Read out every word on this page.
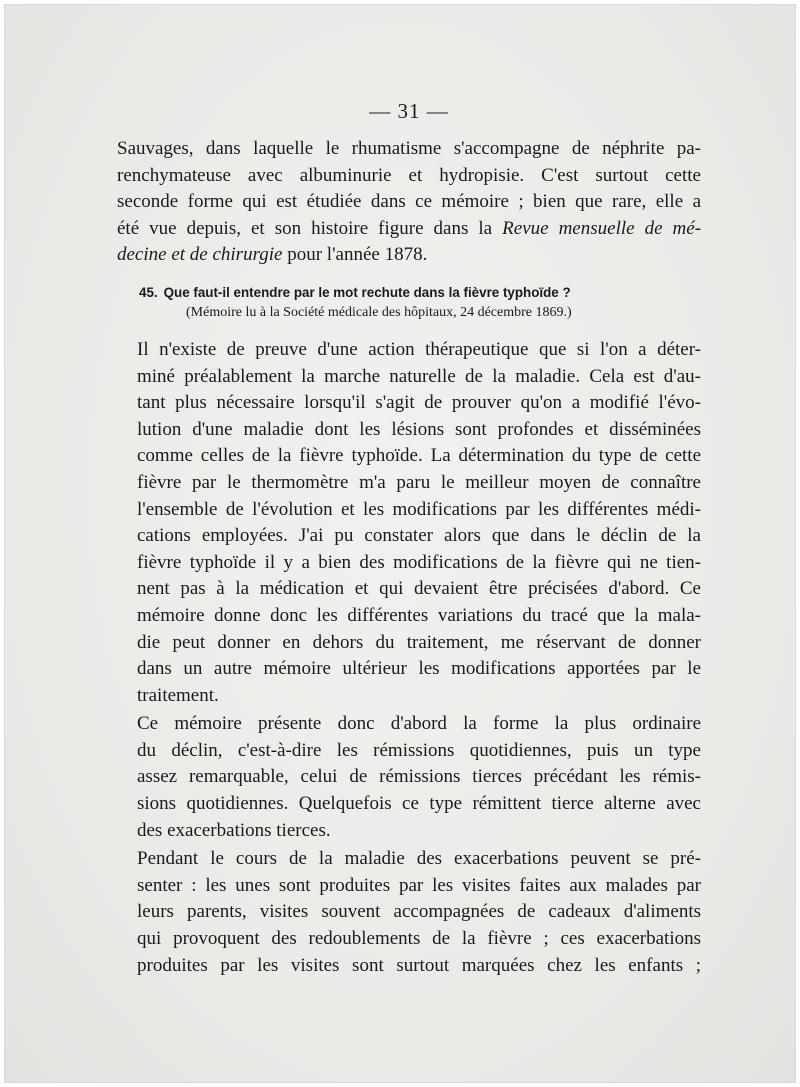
— 31 —

Sauvages, dans laquelle le rhumatisme s'accompagne de néphrite pa-
renchymateuse avec albuminurie et hydropisie. C'est surtout cette
seconde forme qui est étudiée dans ce mémoire ; bien que rare, elle a
été vue depuis, et son histoire figure dans la Revue mensuelle de mé-
decine et de chirurgie pour l'année 1878.

45. Que faut-il entendre par le mot rechute dans la fièvre typhoïde ?
(Mémoire lu à la Société médicale des hôpitaux, 24 décembre 1869.)

Il n'existe de preuve d'une action thérapeutique que si l'on a déter-
miné préalablement la marche naturelle de la maladie. Cela est d'au-
tant plus nécessaire lorsqu'il s'agit de prouver qu'on a modifié l'évo-
lution d'une maladie dont les lésions sont profondes et disséminées
comme celles de la fièvre typhoïde. La détermination du type de cette
fièvre par le thermomètre m'a paru le meilleur moyen de connaître
l'ensemble de l'évolution et les modifications par les différentes médi-
cations employées. J'ai pu constater alors que dans le déclin de la
fièvre typhoïde il y a bien des modifications de la fièvre qui ne tien-
nent pas à la médication et qui devaient être précisées d'abord. Ce
mémoire donne donc les différentes variations du tracé que la mala-
die peut donner en dehors du traitement, me réservant de donner
dans un autre mémoire ultérieur les modifications apportées par le
traitement.

Ce mémoire présente donc d'abord la forme la plus ordinaire
du déclin, c'est-à-dire les rémissions quotidiennes, puis un type
assez remarquable, celui de rémissions tierces précédant les rémis-
sions quotidiennes. Quelquefois ce type rémittent tierce alterne avec
des exacerbations tierces.

Pendant le cours de la maladie des exacerbations peuvent se pré-
senter : les unes sont produites par les visites faites aux malades par
leurs parents, visites souvent accompagnées de cadeaux d'aliments
qui provoquent des redoublements de la fièvre ; ces exacerbations
produites par les visites sont surtout marquées chez les enfants ;
